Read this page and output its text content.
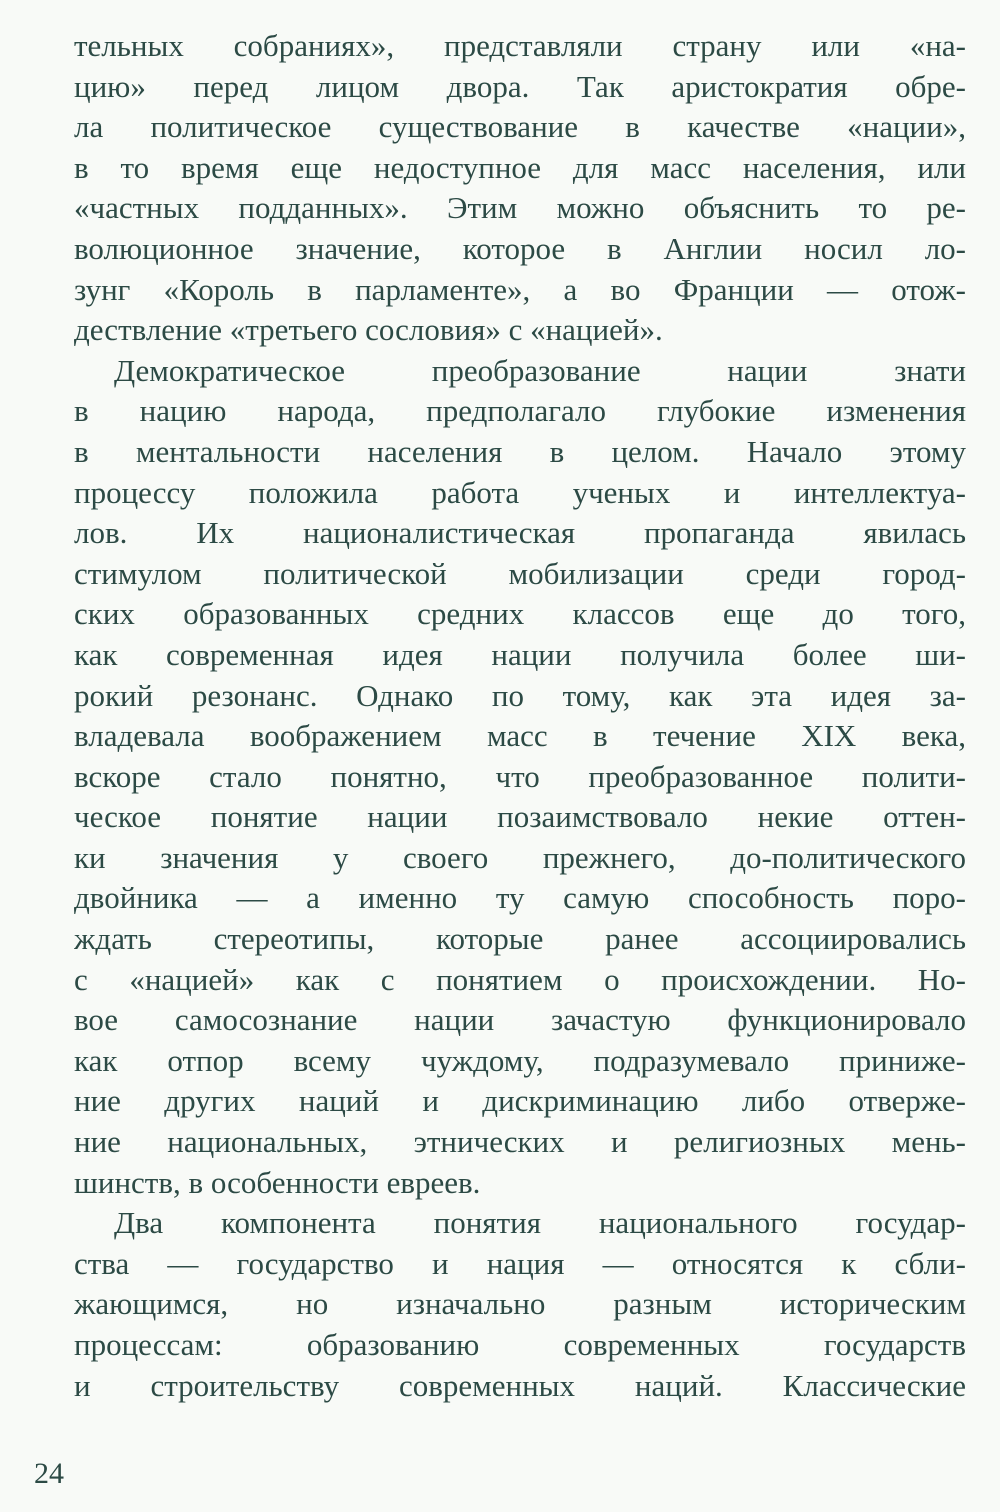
тельных собраниях», представляли страну или «на-
цию» перед лицом двора. Так аристократия обре-
ла политическое существование в качестве «нации»,
в то время еще недоступное для масс населения, или
«частных подданных». Этим можно объяснить то ре-
волюционное значение, которое в Англии носил ло-
зунг «Король в парламенте», а во Франции — отож-
дествление «третьего сословия» с «нацией».
Демократическое преобразование нации знати
в нацию народа, предполагало глубокие изменения
в ментальности населения в целом. Начало этому
процессу положила работа ученых и интеллектуа-
лов. Их националистическая пропаганда явилась
стимулом политической мобилизации среди город-
ских образованных средних классов еще до того,
как современная идея нации получила более ши-
рокий резонанс. Однако по тому, как эта идея за-
владевала воображением масс в течение XIX века,
вскоре стало понятно, что преобразованное полити-
ческое понятие нации позаимствовало некие оттен-
ки значения у своего прежнего, до-политического
двойника — а именно ту самую способность поро-
ждать стереотипы, которые ранее ассоциировались
с «нацией» как с понятием о происхождении. Но-
вое самосознание нации зачастую функционировало
как отпор всему чуждому, подразумевало приниже-
ние других наций и дискриминацию либо отверже-
ние национальных, этнических и религиозных мень-
шинств, в особенности евреев.
Два компонента понятия национального государ-
ства — государство и нация — относятся к сбли-
жающимся, но изначально разным историческим
процессам: образованию современных государств
и строительству современных наций. Классические
24
